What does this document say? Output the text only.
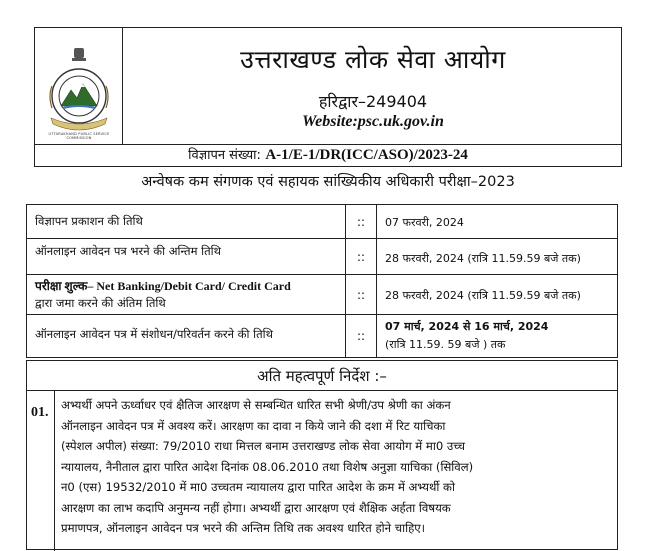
UTTARAKHAND PUBLIC SERVICE COMMISSION
उत्तराखण्ड लोक सेवा आयोग
हरिद्वार–249404
Website:psc.uk.gov.in
विज्ञापन संख्या: A-1/E-1/DR(ICC/ASO)/2023-24
अन्वेषक कम संगणक एवं सहायक सांख्यिकीय अधिकारी परीक्षा–2023
विज्ञापन प्रकाशन की तिथि	::	07 फरवरी, 2024
ऑनलाइन आवेदन पत्र भरने की अन्तिम तिथि	::	28 फरवरी, 2024 (रात्रि 11.59.59 बजे तक)
परीक्षा शुल्क– Net Banking/Debit Card/ Credit Card
द्वारा जमा करने की अंतिम तिथि
::	28 फरवरी, 2024 (रात्रि 11.59.59 बजे तक)
ऑनलाइन आवेदन पत्र में संशोधन/परिवर्तन करने की तिथि	::
07 मार्च, 2024 से 16 मार्च, 2024
(रात्रि 11.59. 59 बजे ) तक
अति महत्वपूर्ण निर्देश :–
01.	अभ्यर्थी अपने ऊर्ध्वाधर एवं क्षैतिज आरक्षण से सम्बन्धित धारित सभी श्रेणी/उप श्रेणी का अंकन
ऑनलाइन आवेदन पत्र में अवश्य करें। आरक्षण का दावा न किये जाने की दशा में रिट याचिका
(स्पेशल अपील) संख्या: 79/2010 राधा मित्तल बनाम उत्तराखण्ड लोक सेवा आयोग में मा0 उच्च
न्यायालय, नैनीताल द्वारा पारित आदेश दिनांक 08.06.2010 तथा विशेष अनुज्ञा याचिका (सिविल)
न0 (एस) 19532/2010 में मा0 उच्चतम न्यायालय द्वारा पारित आदेश के क्रम में अभ्यर्थी को
आरक्षण का लाभ कदापि अनुमन्य नहीं होगा। अभ्यर्थी द्वारा आरक्षण एवं शैक्षिक अर्हता विषयक
प्रमाणपत्र, ऑनलाइन आवेदन पत्र भरने की अन्तिम तिथि तक अवश्य धारित होने चाहिए।
